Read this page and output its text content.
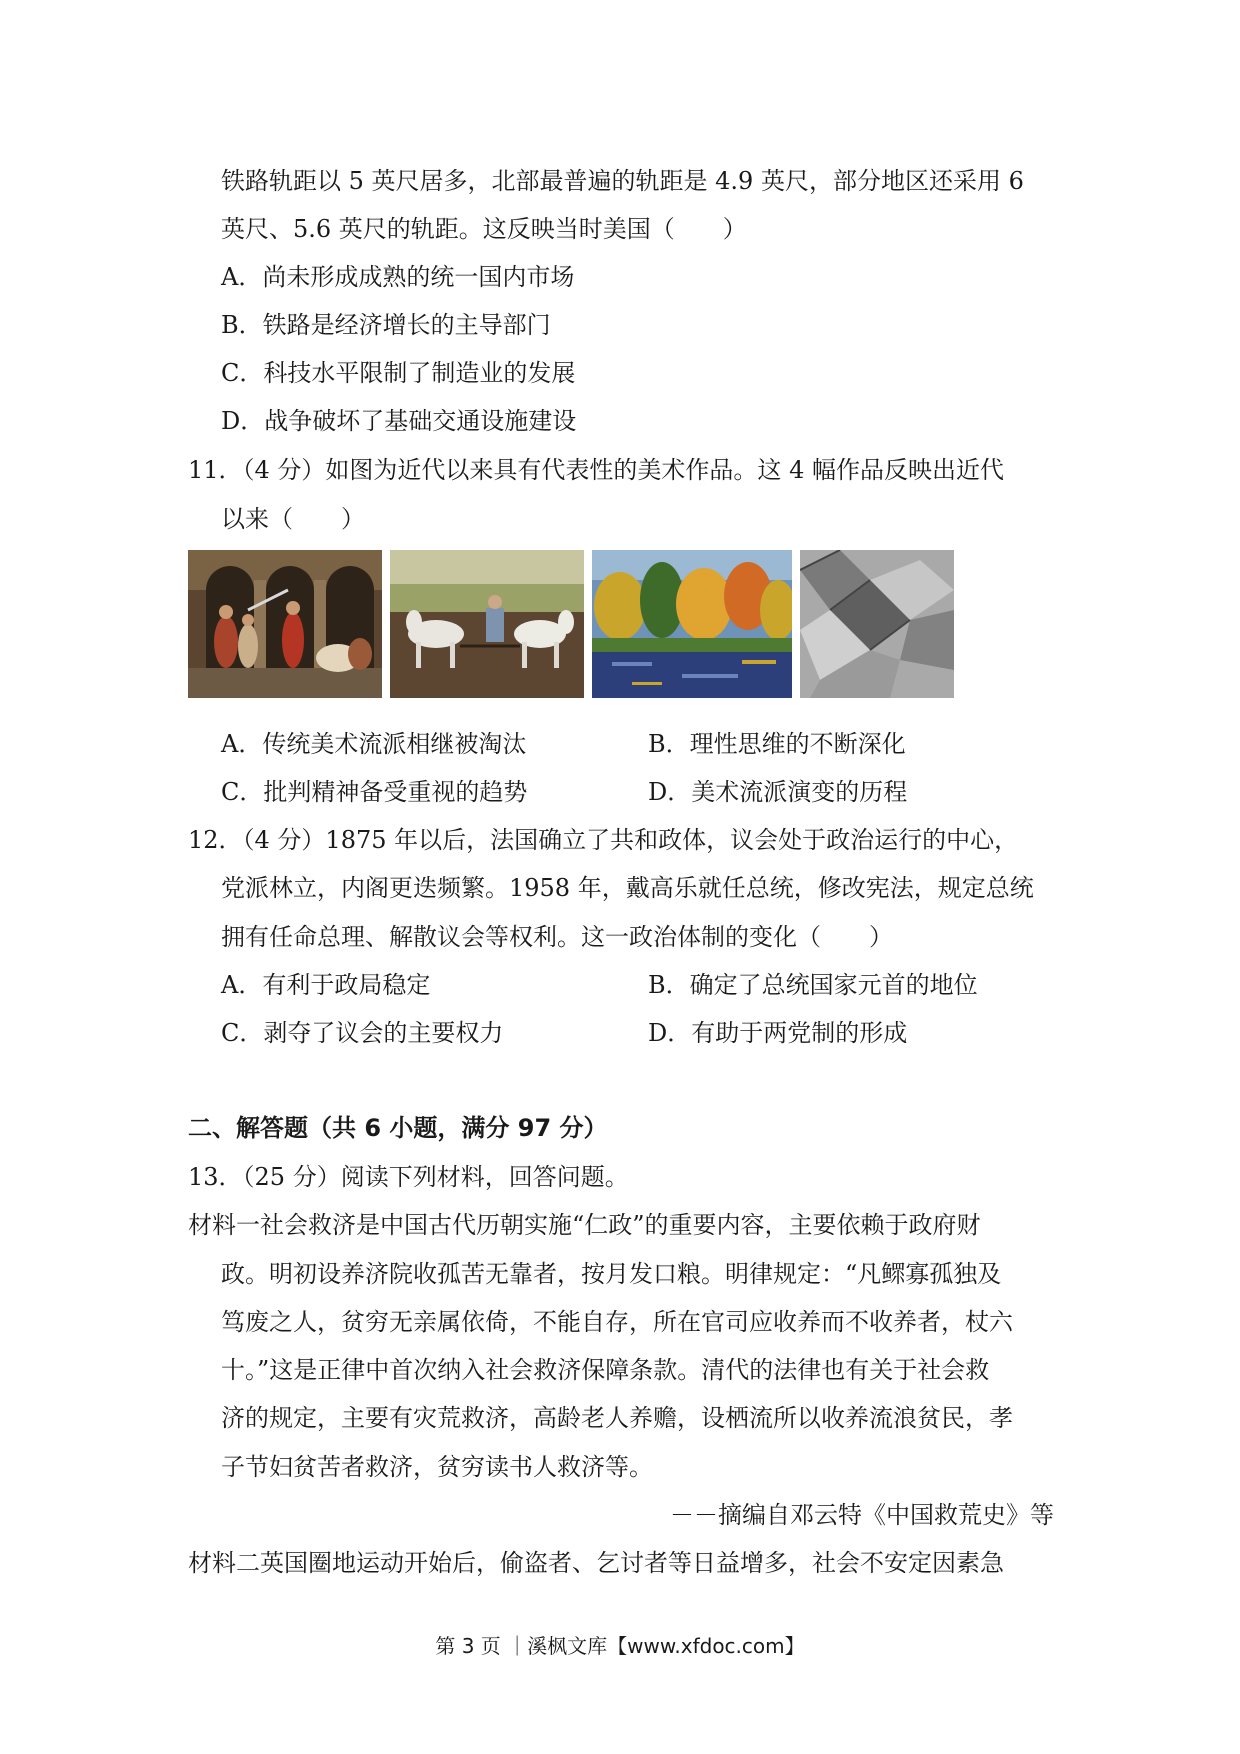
铁路轨距以 5 英尺居多，北部最普遍的轨距是 4.9 英尺，部分地区还采用 6
英尺、5.6 英尺的轨距。这反映当时美国（　　）
A．尚未形成成熟的统一国内市场
B．铁路是经济增长的主导部门
C．科技水平限制了制造业的发展
D．战争破坏了基础交通设施建设
11．（4 分）如图为近代以来具有代表性的美术作品。这 4 幅作品反映出近代
以来（　　）
A．传统美术流派相继被淘汰	B．理性思维的不断深化
C．批判精神备受重视的趋势	D．美术流派演变的历程
12．（4 分）1875 年以后，法国确立了共和政体，议会处于政治运行的中心，
党派林立，内阁更迭频繁。1958 年，戴高乐就任总统，修改宪法，规定总统
拥有任命总理、解散议会等权利。这一政治体制的变化（　　）
A．有利于政局稳定	B．确定了总统国家元首的地位
C．剥夺了议会的主要权力	D．有助于两党制的形成
二、解答题（共 6 小题，满分 97 分）
13．（25 分）阅读下列材料，回答问题。
材料一社会救济是中国古代历朝实施“仁政”的重要内容，主要依赖于政府财
政。明初设养济院收孤苦无靠者，按月发口粮。明律规定：“凡鳏寡孤独及
笃废之人，贫穷无亲属依倚，不能自存，所在官司应收养而不收养者，杖六
十。”这是正律中首次纳入社会救济保障条款。清代的法律也有关于社会救
济的规定，主要有灾荒救济，高龄老人养赡，设栖流所以收养流浪贫民，孝
子节妇贫苦者救济，贫穷读书人救济等。
－－摘编自邓云特《中国救荒史》等
材料二英国圈地运动开始后，偷盗者、乞讨者等日益增多，社会不安定因素急
第 3 页 ｜溪枫文库【www.xfdoc.com】
